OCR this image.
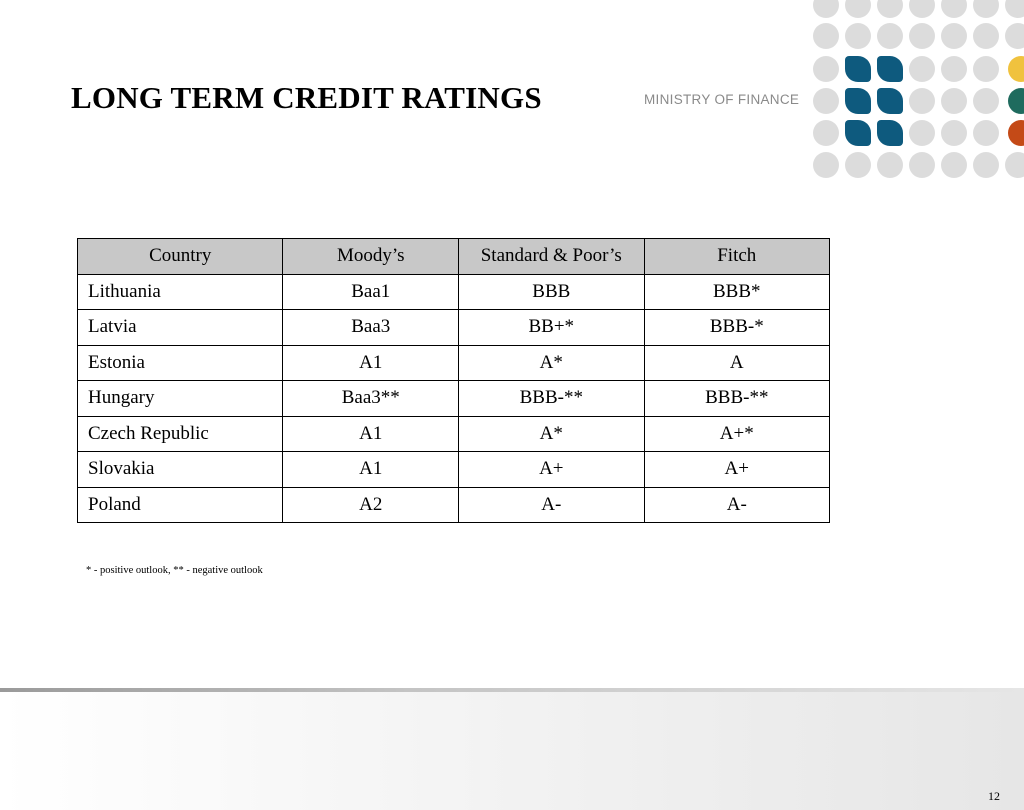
LONG TERM CREDIT RATINGS	MINISTRY OF FINANCE
Country	Moody’s	Standard & Poor’s	Fitch
Lithuania	Baa1	BBB	BBB*
Latvia	Baa3	BB+*	BBB-*
Estonia	A1	A*	A
Hungary	Baa3**	BBB-**	BBB-**
Czech Republic	A1	A*	A+*
Slovakia	A1	A+	A+
Poland	A2	A-	A-
* - positive outlook, ** - negative outlook
12
